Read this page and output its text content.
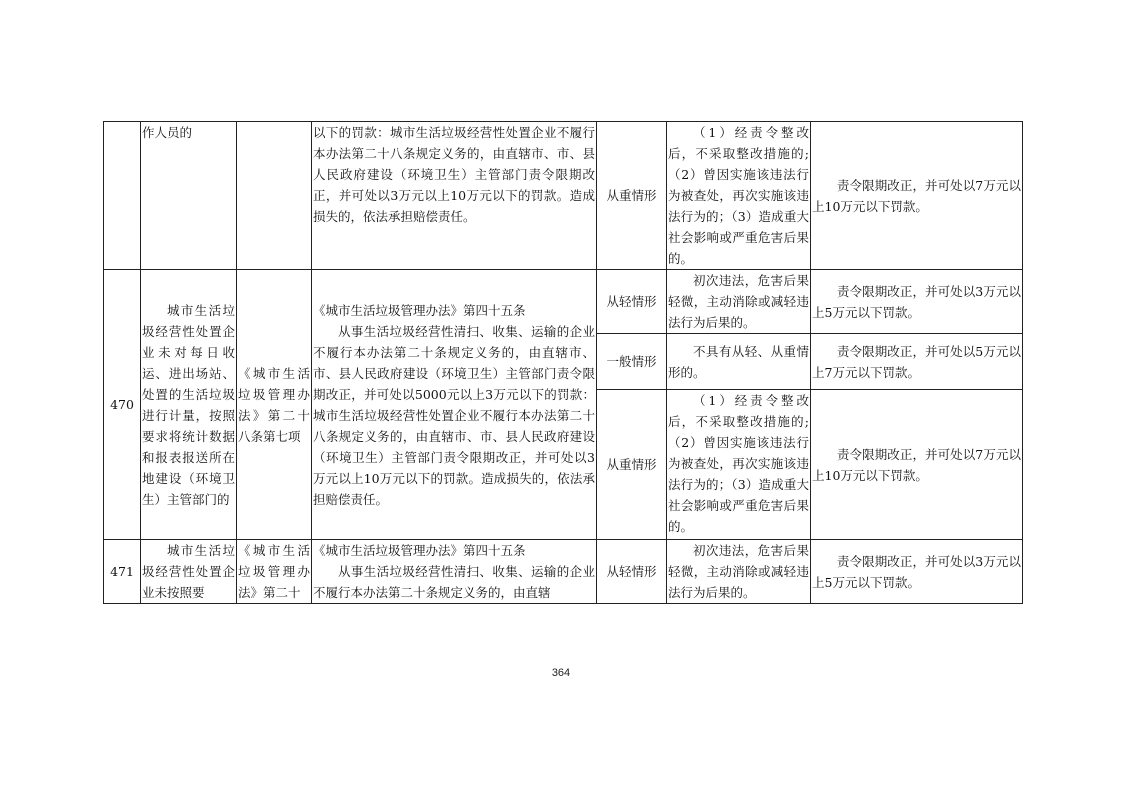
	作人员的		以下的罚款：城市生活垃圾经营性处置企业不履行本办法第二十八条规定义务的，由直辖市、市、县人民政府建设（环境卫生）主管部门责令限期改正，并可处以3万元以上10万元以下的罚款。造成损失的，依法承担赔偿责任。	从重情形	（1）经责令整改后，不采取整改措施的;（2）曾因实施该违法行为被查处，再次实施该违法行为的；（3）造成重大社会影响或严重危害后果的。	责令限期改正，并可处以7万元以上10万元以下罚款。
470	城市生活垃圾经营性处置企业未对每日收运、进出场站、处置的生活垃圾进行计量，按照要求将统计数据和报表报送所在地建设（环境卫生）主管部门的	《城市生活垃圾管理办法》第二十八条第七项	《城市生活垃圾管理办法》第四十五条
从事生活垃圾经营性清扫、收集、运输的企业不履行本办法第二十条规定义务的，由直辖市、市、县人民政府建设（环境卫生）主管部门责令限期改正，并可处以5000元以上3万元以下的罚款：城市生活垃圾经营性处置企业不履行本办法第二十八条规定义务的，由直辖市、市、县人民政府建设（环境卫生）主管部门责令限期改正，并可处以3万元以上10万元以下的罚款。造成损失的，依法承担赔偿责任。	从轻情形	初次违法，危害后果轻微，主动消除或减轻违法行为后果的。	责令限期改正，并可处以3万元以上5万元以下罚款。
				一般情形	不具有从轻、从重情形的。	责令限期改正，并可处以5万元以上7万元以下罚款。
				从重情形	（1）经责令整改后，不采取整改措施的;（2）曾因实施该违法行为被查处，再次实施该违法行为的；（3）造成重大社会影响或严重危害后果的。	责令限期改正，并可处以7万元以上10万元以下罚款。
471	城市生活垃圾经营性处置企业未按照要	《城市生活垃圾管理办法》第二十	《城市生活垃圾管理办法》第四十五条
从事生活垃圾经营性清扫、收集、运输的企业不履行本办法第二十条规定义务的，由直辖	从轻情形	初次违法，危害后果轻微，主动消除或减轻违法行为后果的。	责令限期改正，并可处以3万元以上5万元以下罚款。
364
